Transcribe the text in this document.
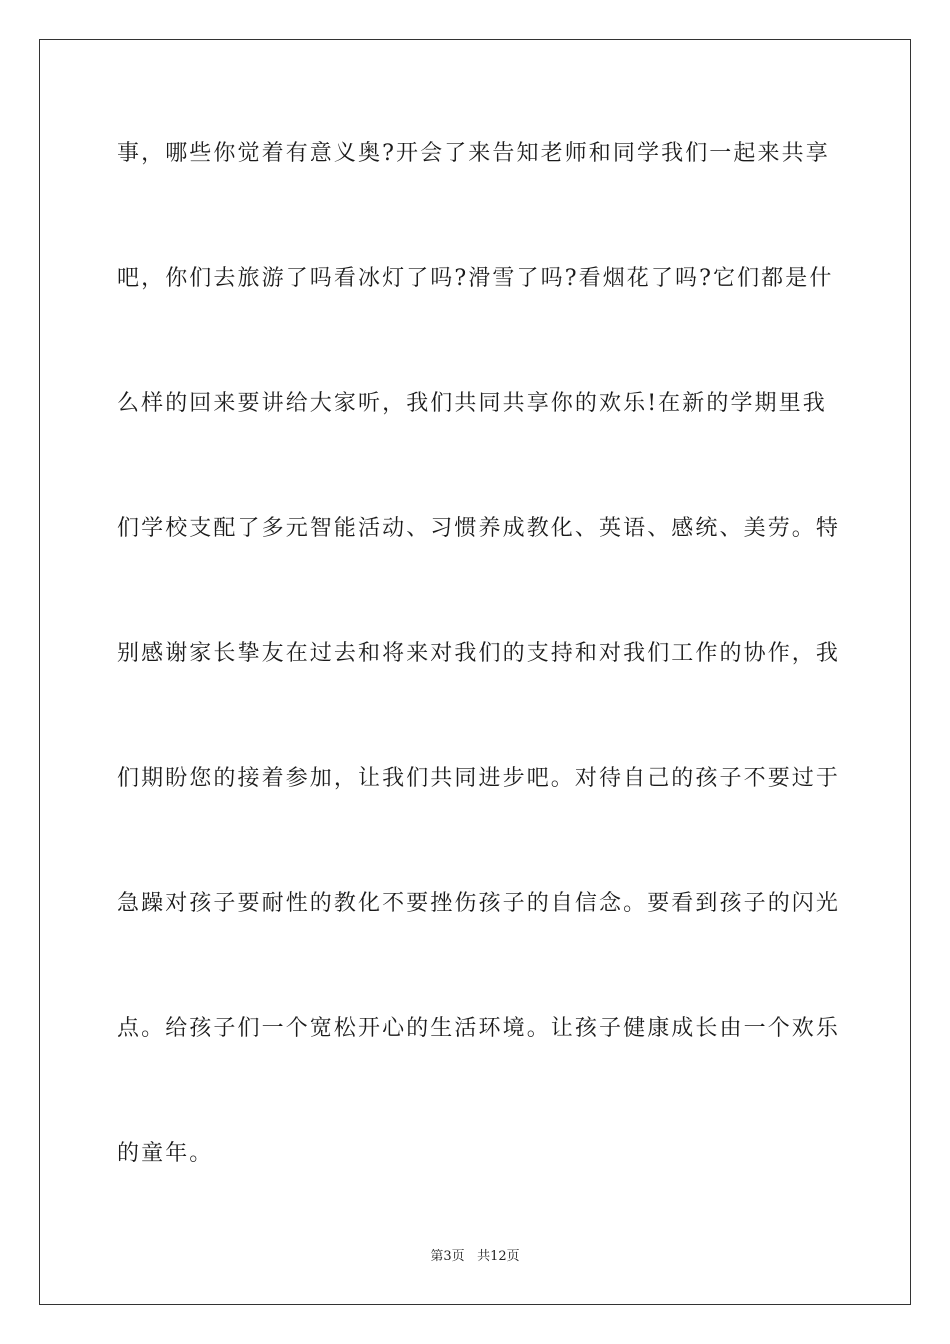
事，哪些你觉着有意义奥?开会了来告知老师和同学我们一起来共享
吧，你们去旅游了吗看冰灯了吗?滑雪了吗?看烟花了吗?它们都是什
么样的回来要讲给大家听，我们共同共享你的欢乐!在新的学期里我
们学校支配了多元智能活动、习惯养成教化、英语、感统、美劳。特
别感谢家长挚友在过去和将来对我们的支持和对我们工作的协作，我
们期盼您的接着参加，让我们共同进步吧。对待自己的孩子不要过于
急躁对孩子要耐性的教化不要挫伤孩子的自信念。要看到孩子的闪光
点。给孩子们一个宽松开心的生活环境。让孩子健康成长由一个欢乐
的童年。
第3页 共12页
